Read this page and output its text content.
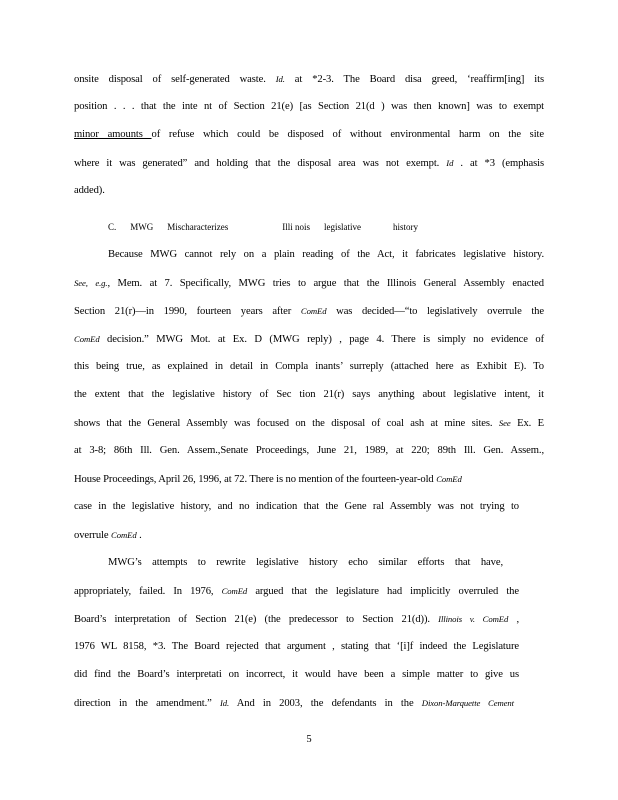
onsite disposal of self-generated waste. Id. at *2-3. The Board disa greed, ‘reaffirm[ing] its
position . . . that the inte nt of Section 21(e) [as Section 21(d ) was then known] was to exempt
minor amounts of refuse which could be disposed of without environmental harm on the site
where it was generated” and holding that the disposal area was not exempt. Id . at *3 (emphasis
added).
C. MWG Mischaracterizes	Illi nois legislative	history
Because MWG cannot rely on a plain reading of the Act, it fabricates legislative history.
See, e.g., Mem. at 7. Specifically, MWG tries to argue that the Illinois General Assembly enacted
Section 21(r)—in 1990, fourteen years after ComEd was decided—“to legislatively overrule the
ComEd decision.” MWG Mot. at Ex. D (MWG reply) , page 4. There is simply no evidence of
this being true, as explained in detail in Compla inants’ surreply (attached here as Exhibit E). To
the extent that the legislative history of Sec tion 21(r) says anything about legislative intent, it
shows that the General Assembly was focused on the disposal of coal ash at mine sites. See Ex. E
at 3-8; 86th Ill. Gen. Assem.,Senate Proceedings, June 21, 1989, at 220; 89th Ill. Gen. Assem.,
House Proceedings, April 26, 1996, at 72. There is no mention of the fourteen-year-old ComEd
case in the legislative history, and no indication that the Gene ral Assembly was not trying to
overrule ComEd .
MWG’s attempts to rewrite legislative history echo similar efforts that have,
appropriately, failed. In 1976, ComEd argued that the legislature had implicitly overruled the
Board’s interpretation of Section 21(e) (the predecessor to Section 21(d)). Illinois v. ComEd ,
1976 WL 8158, *3. The Board rejected that argument , stating that ‘[i]f indeed the Legislature
did find the Board’s interpretati on incorrect, it would have been a simple matter to give us
direction in the amendment.” Id. And in 2003, the defendants in the Dixon-Marquette Cement
5
